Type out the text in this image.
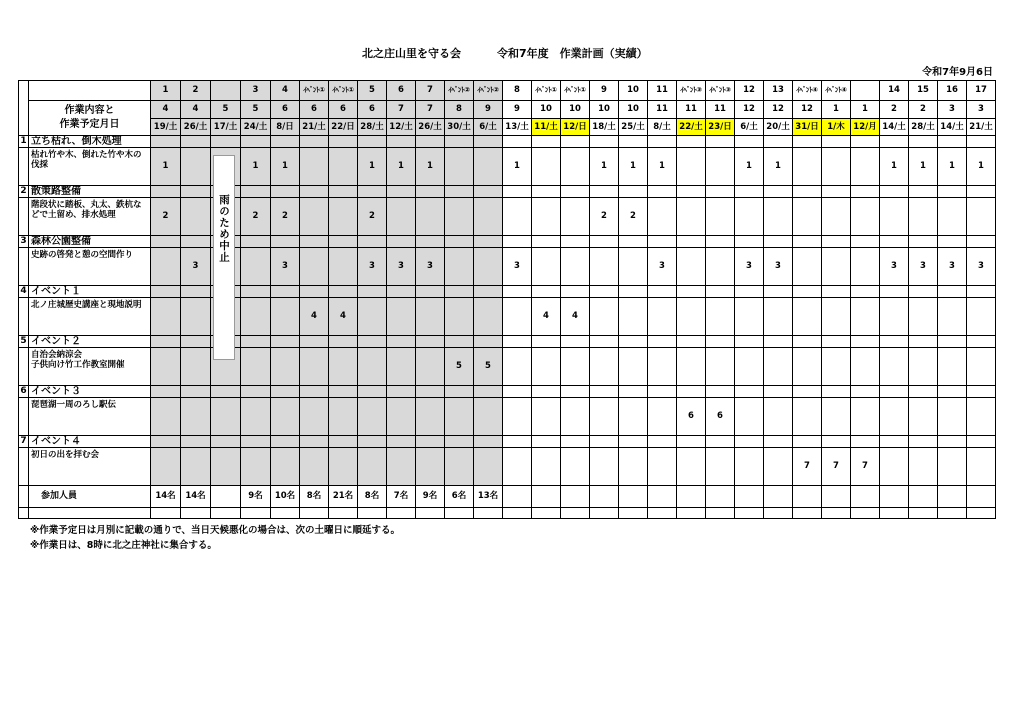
北之庄山里を守る会	令和7年度　作業計画（実績）
令和7年9月6日
		1	2		3	4	ｲﾍﾞﾝﾄ①	ｲﾍﾞﾝﾄ①	5	6	7	ｲﾍﾞﾝﾄ②	ｲﾍﾞﾝﾄ②	8	ｲﾍﾞﾝﾄ①	ｲﾍﾞﾝﾄ①	9	10	11	ｲﾍﾞﾝﾄ③	ｲﾍﾞﾝﾄ③	12	13	ｲﾍﾞﾝﾄ④	ｲﾍﾞﾝﾄ④		14	15	16	17

	作業内容と
作業予定月日	4	4	5	5	6	6	6	6	7	7	8	9	9	10	10	10	10	11	11	11	12	12	12	1	1	2	2	3	3
		19/土	26/土	17/土	24/土	8/日	21/土	22/日	28/土	12/土	26/土	30/土	6/土	13/土	11/土	12/日	18/土	25/土	8/土	22/土	23/日	6/土	20/土	31/日	1/木	12/月	14/土	28/土	14/土	21/土
1	立ち枯れ、倒木処理																													

	枯れ竹や木、倒れた竹や木の
伐採	1			1	1			1	1	1			1			1	1	1			1	1				1	1	1	1
2	散策路整備																													

	階段状に踏板、丸太、鉄杭な
どで土留め、排水処理	2			2	2			2								2	2												
3	森林公園整備																													

	史跡の啓発と憩の空間作り		3			3			3	3	3			3					3			3	3				3	3	3	3
4	イベント１																													

	北ノ庄城歴史講座と現地説明						4	4							4	4														
5	イベント２																													

	自治会納涼会
子供向け竹工作教室開催											5	5																	
6	イベント３																													

	琵琶湖一周のろし駅伝																			6	6									
7	イベント４																													

	初日の出を拝む会																							7	7	7				
	参加人員	14名	14名		9名	10名	8名	21名	8名	7名	9名	6名	13名																	

雨のため中止
※作業予定日は月別に記載の通りで、当日天候悪化の場合は、次の土曜日に順延する。
※作業日は、8時に北之庄神社に集合する。
